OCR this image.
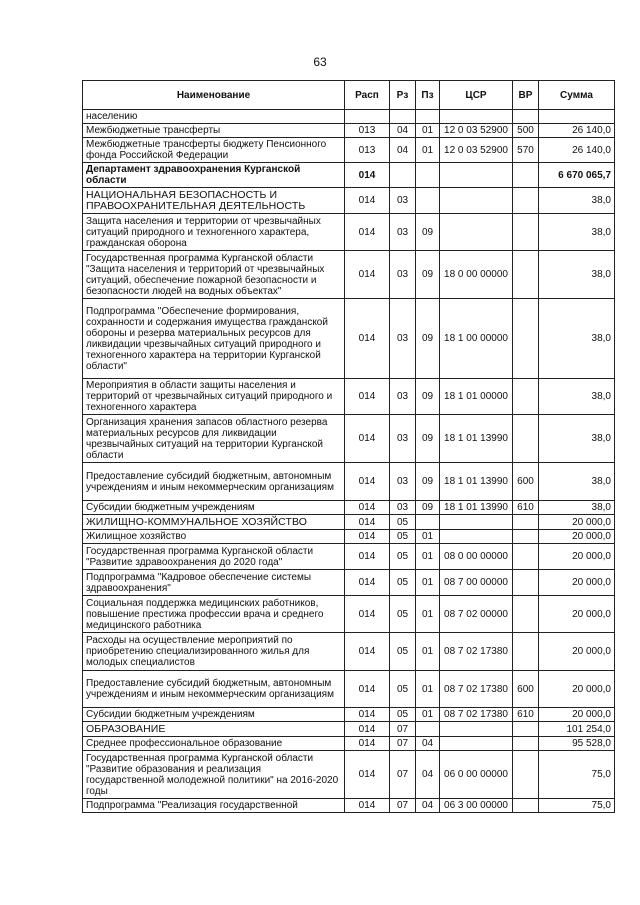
63
Наименование	Расп	Рз	Пз	ЦСР	ВР	Сумма
населению						
Межбюджетные трансферты	013	04	01	12 0 03 52900	500	26 140,0
Межбюджетные трансферты бюджету Пенсионного фонда Российской Федерации	013	04	01	12 0 03 52900	570	26 140,0
Департамент здравоохранения Курганской области	014					6 670 065,7
НАЦИОНАЛЬНАЯ БЕЗОПАСНОСТЬ И ПРАВООХРАНИТЕЛЬНАЯ ДЕЯТЕЛЬНОСТЬ	014	03				38,0
Защита населения и территории от чрезвычайных ситуаций природного и техногенного характера, гражданская оборона	014	03	09			38,0
Государственная программа Курганской области "Защита населения и территорий от чрезвычайных ситуаций, обеспечение пожарной безопасности и безопасности людей на водных объектах"	014	03	09	18 0 00 00000		38,0
Подпрограмма "Обеспечение формирования, сохранности и содержания имущества гражданской обороны и резерва материальных ресурсов для ликвидации чрезвычайных ситуаций природного и техногенного характера на территории Курганской области"	014	03	09	18 1 00 00000		38,0
Мероприятия в области защиты населения и территорий от чрезвычайных ситуаций природного и техногенного характера	014	03	09	18 1 01 00000		38,0
Организация хранения запасов областного резерва материальных ресурсов для ликвидации чрезвычайных ситуаций на территории Курганской области	014	03	09	18 1 01 13990		38,0
Предоставление субсидий бюджетным, автономным учреждениям и иным некоммерческим организациям	014	03	09	18 1 01 13990	600	38,0
Субсидии бюджетным учреждениям	014	03	09	18 1 01 13990	610	38,0
ЖИЛИЩНО-КОММУНАЛЬНОЕ ХОЗЯЙСТВО	014	05				20 000,0
Жилищное хозяйство	014	05	01			20 000,0
Государственная программа Курганской области "Развитие здравоохранения до 2020 года"	014	05	01	08 0 00 00000		20 000,0
Подпрограмма "Кадровое обеспечение системы здравоохранения"	014	05	01	08 7 00 00000		20 000,0
Социальная поддержка медицинских работников, повышение престижа профессии врача и среднего медицинского работника	014	05	01	08 7 02 00000		20 000,0
Расходы на осуществление мероприятий по приобретению специализированного жилья для молодых специалистов	014	05	01	08 7 02 17380		20 000,0
Предоставление субсидий бюджетным, автономным учреждениям и иным некоммерческим организациям	014	05	01	08 7 02 17380	600	20 000,0
Субсидии бюджетным учреждениям	014	05	01	08 7 02 17380	610	20 000,0
ОБРАЗОВАНИЕ	014	07				101 254,0
Среднее профессиональное образование	014	07	04			95 528,0
Государственная программа Курганской области "Развитие образования и реализация государственной молодежной политики" на 2016-2020 годы	014	07	04	06 0 00 00000		75,0
Подпрограмма "Реализация государственной	014	07	04	06 3 00 00000		75,0
